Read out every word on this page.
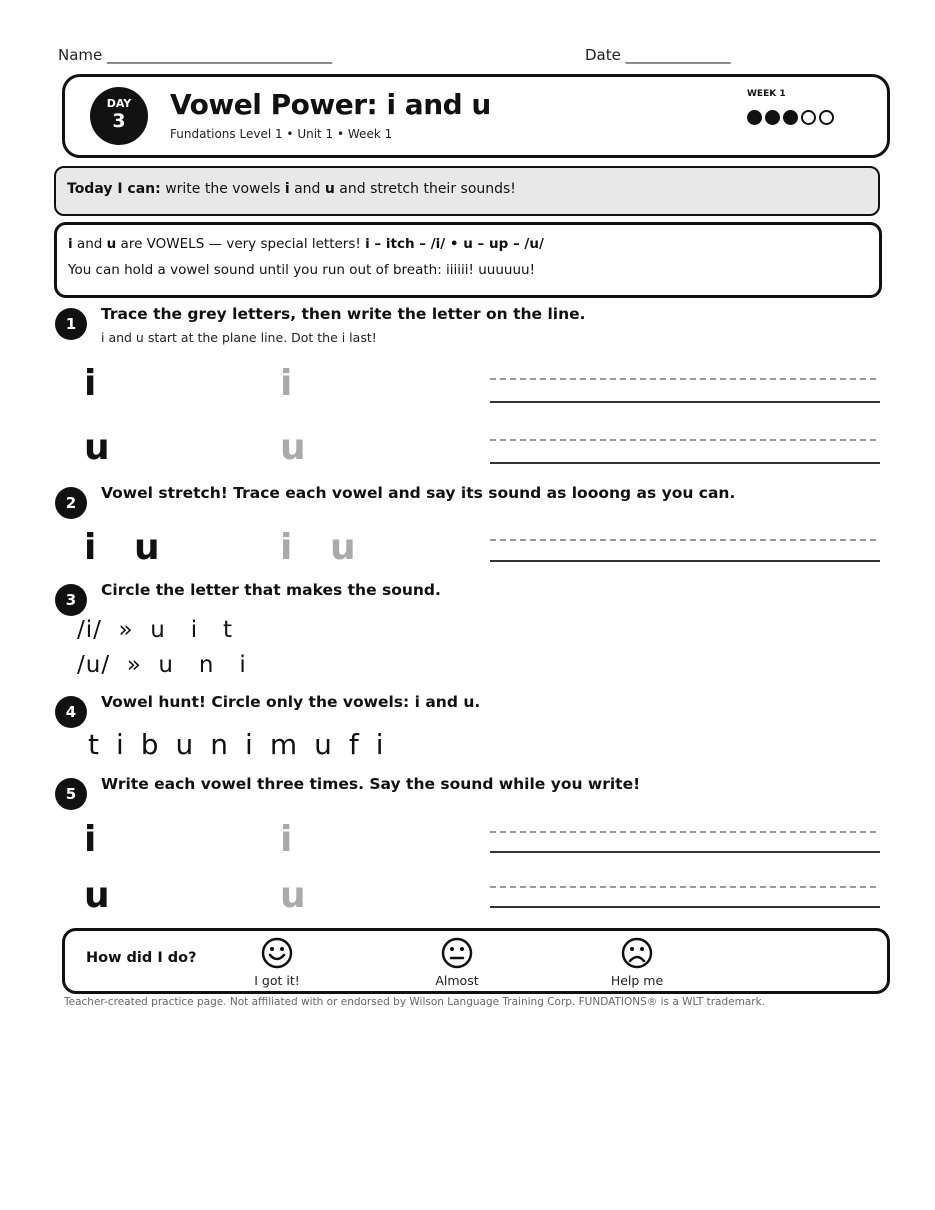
Name ______________________________	Date ______________
DAY
3	Vowel Power: i and u
Fundations Level 1 • Unit 1 • Week 1
WEEK 1
Today I can: write the vowels i and u and stretch their sounds!
i and u are VOWELS — very special letters! i – itch – /i/ • u – up – /u/
You can hold a vowel sound until you run out of breath: iiiiii! uuuuuu!
1
Trace the grey letters, then write the letter on the line.
i and u start at the plane line. Dot the i last!
i	i
u	u
2
Vowel stretch! Trace each vowel and say its sound as looong as you can.
i   u	i   u
3
Circle the letter that makes the sound.
/i/  »  u   i   t
/u/  »  u   n   i
4
Vowel hunt! Circle only the vowels: i and u.
t i b u n i m u f i
5
Write each vowel three times. Say the sound while you write!
i	i
u	u
How did I do?
I got it!	Almost	Help me
Teacher-created practice page. Not affiliated with or endorsed by Wilson Language Training Corp. FUNDATIONS® is a WLT trademark.
